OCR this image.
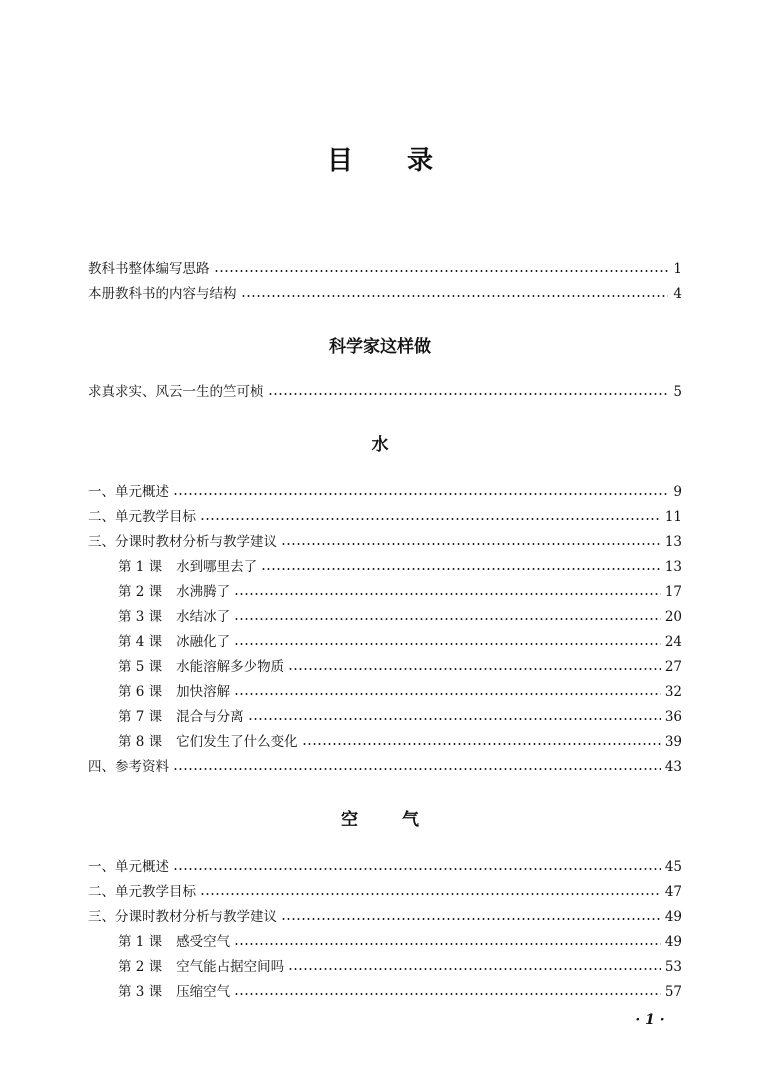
目 录
教科书整体编写思路	1
本册教科书的内容与结构	4
科学家这样做
求真求实、风云一生的竺可桢	5
水
一、单元概述	9
二、单元教学目标	11
三、分课时教材分析与教学建议	13
第 1 课 水到哪里去了	13
第 2 课 水沸腾了	17
第 3 课 水结冰了	20
第 4 课 冰融化了	24
第 5 课 水能溶解多少物质	27
第 6 课 加快溶解	32
第 7 课 混合与分离	36
第 8 课 它们发生了什么变化	39
四、参考资料	43
空	气
一、单元概述	45
二、单元教学目标	47
三、分课时教材分析与教学建议	49
第 1 课 感受空气	49
第 2 课 空气能占据空间吗	53
第 3 课 压缩空气	57
· 1 ·
